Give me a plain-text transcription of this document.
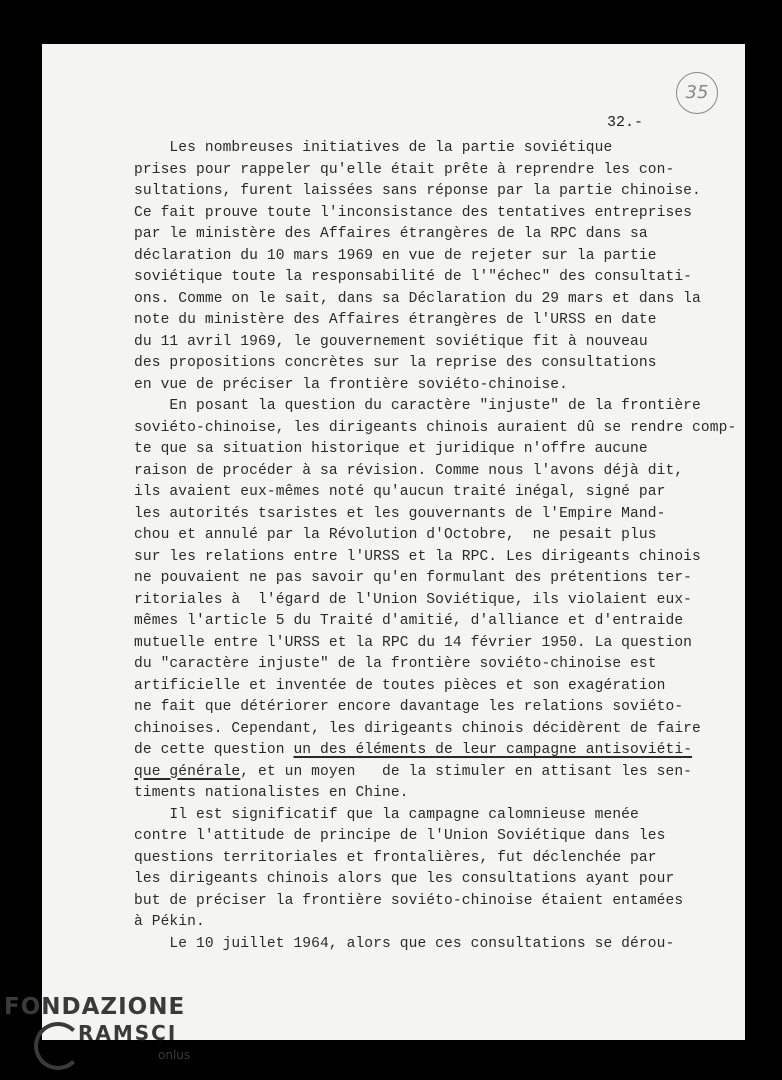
35
32.-
Les nombreuses initiatives de la partie soviétique
prises pour rappeler qu'elle était prête à reprendre les con-
sultations, furent laissées sans réponse par la partie chinoise.
Ce fait prouve toute l'inconsistance des tentatives entreprises
par le ministère des Affaires étrangères de la RPC dans sa
déclaration du 10 mars 1969 en vue de rejeter sur la partie
soviétique toute la responsabilité de l'"échec" des consultati-
ons. Comme on le sait, dans sa Déclaration du 29 mars et dans la
note du ministère des Affaires étrangères de l'URSS en date
du 11 avril 1969, le gouvernement soviétique fit à nouveau
des propositions concrètes sur la reprise des consultations
en vue de préciser la frontière soviéto-chinoise.
En posant la question du caractère "injuste" de la frontière
soviéto-chinoise, les dirigeants chinois auraient dû se rendre comp-
te que sa situation historique et juridique n'offre aucune
raison de procéder à sa révision. Comme nous l'avons déjà dit,
ils avaient eux-mêmes noté qu'aucun traité inégal, signé par
les autorités tsaristes et les gouvernants de l'Empire Mand-
chou et annulé par la Révolution d'Octobre,  ne pesait plus
sur les relations entre l'URSS et la RPC. Les dirigeants chinois
ne pouvaient ne pas savoir qu'en formulant des prétentions ter-
ritoriales à  l'égard de l'Union Soviétique, ils violaient eux-
mêmes l'article 5 du Traité d'amitié, d'alliance et d'entraide
mutuelle entre l'URSS et la RPC du 14 février 1950. La question
du "caractère injuste" de la frontière soviéto-chinoise est
artificielle et inventée de toutes pièces et son exagération
ne fait que détériorer encore davantage les relations soviéto-
chinoises. Cependant, les dirigeants chinois décidèrent de faire
de cette question un des éléments de leur campagne antisoviéti-
que générale, et un moyen   de la stimuler en attisant les sen-
timents nationalistes en Chine.
Il est significatif que la campagne calomnieuse menée
contre l'attitude de principe de l'Union Soviétique dans les
questions territoriales et frontalières, fut déclenchée par
les dirigeants chinois alors que les consultations ayant pour
but de préciser la frontière soviéto-chinoise étaient entamées
à Pékin.
Le 10 juillet 1964, alors que ces consultations se dérou-
FONDAZIONE
RAMSCI
onlus
